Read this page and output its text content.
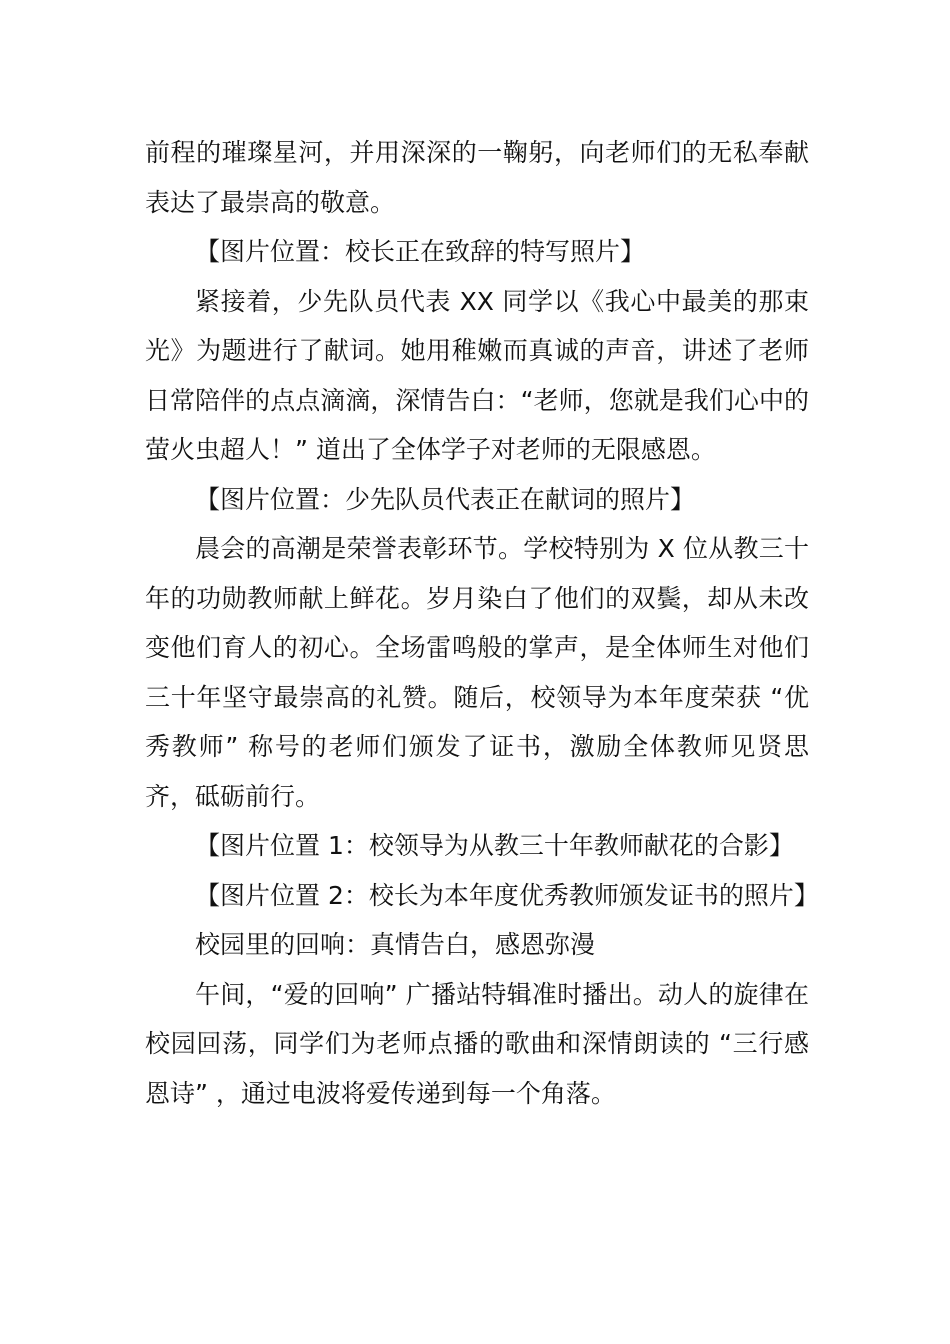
前程的璀璨星河，并用深深的一鞠躬，向老师们的无私奉献表达了最崇高的敬意。

【图片位置：校长正在致辞的特写照片】

紧接着，少先队员代表 XX 同学以《我心中最美的那束光》为题进行了献词。她用稚嫩而真诚的声音，讲述了老师日常陪伴的点点滴滴，深情告白：“老师，您就是我们心中的萤火虫超人！” 道出了全体学子对老师的无限感恩。

【图片位置：少先队员代表正在献词的照片】

晨会的高潮是荣誉表彰环节。学校特别为 X 位从教三十年的功勋教师献上鲜花。岁月染白了他们的双鬓，却从未改变他们育人的初心。全场雷鸣般的掌声，是全体师生对他们三十年坚守最崇高的礼赞。随后，校领导为本年度荣获 “优秀教师” 称号的老师们颁发了证书，激励全体教师见贤思齐，砥砺前行。

【图片位置 1：校领导为从教三十年教师献花的合影】

【图片位置 2：校长为本年度优秀教师颁发证书的照片】

校园里的回响：真情告白，感恩弥漫

午间，“爱的回响” 广播站特辑准时播出。动人的旋律在校园回荡，同学们为老师点播的歌曲和深情朗读的 “三行感恩诗” ，通过电波将爱传递到每一个角落。
